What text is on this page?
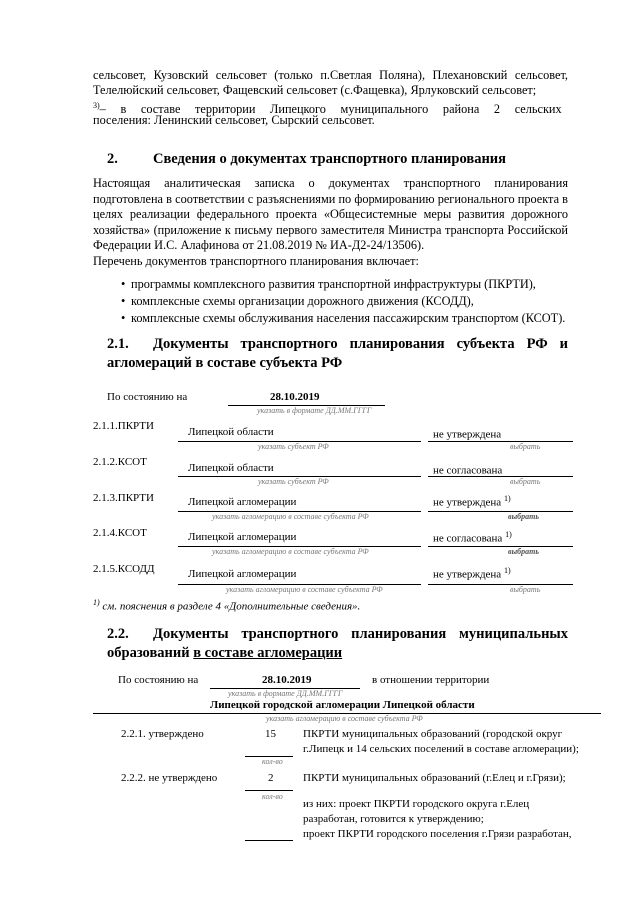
сельсовет, Кузовский сельсовет (только п.Светлая Поляна), Плехановский сельсовет,
Телелюйский сельсовет, Фащевский сельсовет (с.Фащевка), Ярлуковский сельсовет;
$^{3)}$– в составе территории Липецкого муниципального района 2 сельских
поселения: Ленинский сельсовет, Сырский сельсовет.
2. Сведения о документах транспортного планирования
Настоящая аналитическая записка о документах транспортного планирования
подготовлена в соответствии с разъяснениями по формированию регионального проекта в
целях реализации федерального проекта «Общесистемные меры развития дорожного
хозяйства» (приложение к письму первого заместителя Министра транспорта Российской
Федерации И.С. Алафинова от 21.08.2019 № ИА-Д2-24/13506).
Перечень документов транспортного планирования включает:
• программы комплексного развития транспортной инфраструктуры (ПКРТИ),
• комплексные схемы организации дорожного движения (КСОДД),
• комплексные схемы обслуживания населения пассажирским транспортом (КСОТ).
2.1. Документы транспортного планирования субъекта РФ и
агломераций в составе субъекта РФ
По состоянию на	28.10.2019
указать в формате ДД.ММ.ГГГГ
2.1.1.ПКРТИ	Липецкой области	не утверждена
указать субъект РФ	выбрать
2.1.2.КСОТ	Липецкой области	не согласована
указать субъект РФ	выбрать
2.1.3.ПКРТИ	Липецкой агломерации	не утверждена $^{1)}$
указать агломерацию в составе субъекта РФ	выбрать
2.1.4.КСОТ	Липецкой агломерации	не согласована $^{1)}$
указать агломерацию в составе субъекта РФ	выбрать
2.1.5.КСОДД	Липецкой агломерации	не утверждена $^{1)}$
указать агломерацию в составе субъекта РФ	выбрать
$^{1)}$ см. пояснения в разделе 4 «Дополнительные сведения».
2.2. Документы транспортного планирования муниципальных
образований в составе агломерации
По состоянию на	28.10.2019	в отношении территории
указать в формате ДД.ММ.ГГГГ
Липецкой городской агломерации Липецкой области
указать агломерацию в составе субъекта РФ
2.2.1. утверждено	15 ПКРТИ муниципальных образований (городской округ
г.Липецк и 14 сельских поселений в составе агломерации);
кол-во
2.2.2. не утверждено	2	ПКРТИ муниципальных образований (г.Елец и г.Грязи);
кол-во
из них: проект ПКРТИ городского округа г.Елец
разработан, готовится к утверждению;
проект ПКРТИ городского поселения г.Грязи разработан,
